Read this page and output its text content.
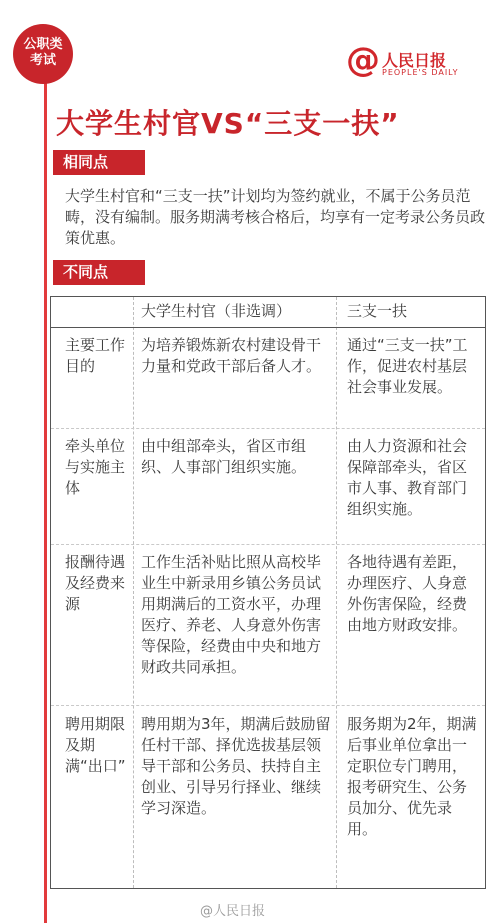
公职类
考试	@ 人民日报
PEOPLE'S DAILY
大学生村官VS“三支一扶”
相同点
大学生村官和“三支一扶”计划均为签约就业，不属于公务员范畴，没有编制。服务期满考核合格后，均享有一定考录公务员政策优惠。
不同点
大学生村官（非选调）	三支一扶
主要工作目的
为培养锻炼新农村建设骨干力量和党政干部后备人才。
通过“三支一扶”工作，促进农村基层社会事业发展。
牵头单位与实施主体
由中组部牵头，省区市组织、人事部门组织实施。
由人力资源和社会保障部牵头，省区市人事、教育部门组织实施。
报酬待遇及经费来源
工作生活补贴比照从高校毕业生中新录用乡镇公务员试用期满后的工资水平，办理医疗、养老、人身意外伤害等保险，经费由中央和地方财政共同承担。
各地待遇有差距，办理医疗、人身意外伤害保险，经费由地方财政安排。
聘用期限及期满“出口”
聘用期为3年，期满后鼓励留任村干部、择优选拔基层领导干部和公务员、扶持自主创业、引导另行择业、继续学习深造。
服务期为2年，期满后事业单位拿出一定职位专门聘用，报考研究生、公务员加分、优先录用。
@人民日报
